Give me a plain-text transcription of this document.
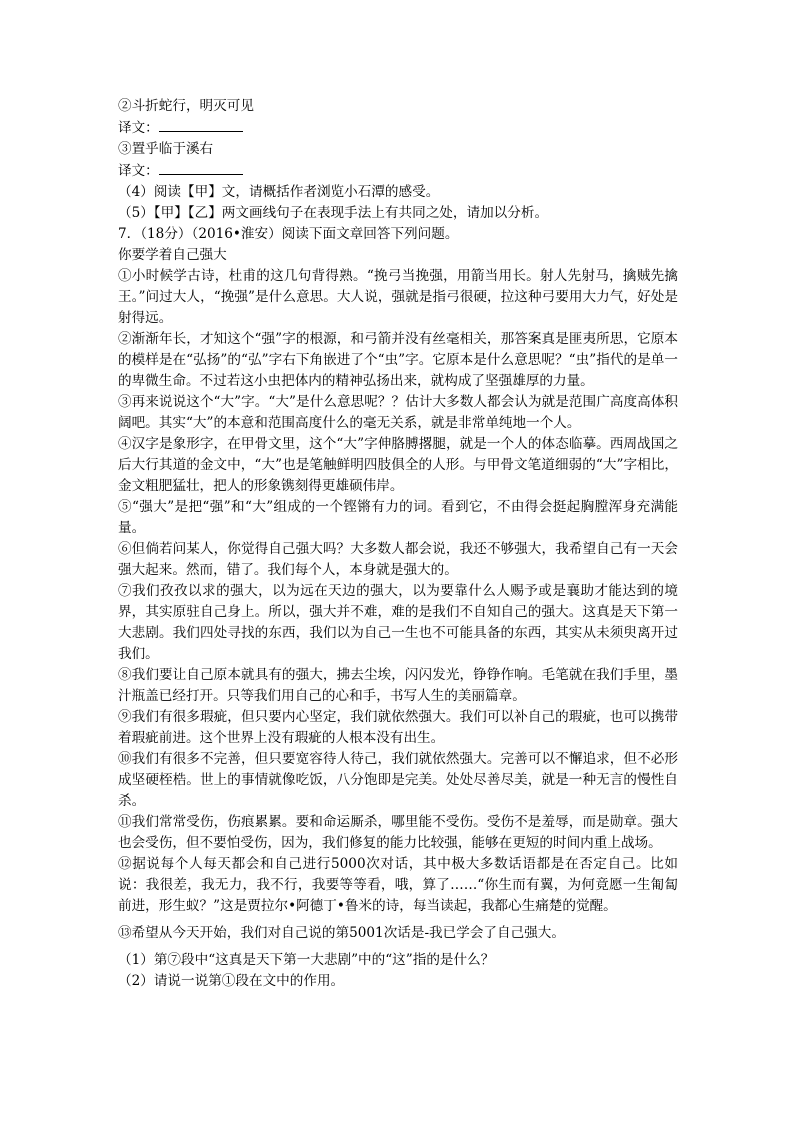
②斗折蛇行，明灭可见

译文：

③置乎临于溪右

译文：

（4）阅读【甲】文，请概括作者浏览小石潭的感受。

（5）【甲】【乙】两文画线句子在表现手法上有共同之处，请加以分析。

7．（18分）（2016•淮安）阅读下面文章回答下列问题。

你要学着自己强大

①小时候学古诗，杜甫的这几句背得熟。“挽弓当挽强，用箭当用长。射人先射马，擒贼先擒王。”问过大人，“挽强”是什么意思。大人说，强就是指弓很硬，拉这种弓要用大力气，好处是射得远。

②渐渐年长，才知这个“强”字的根源，和弓箭并没有丝毫相关，那答案真是匪夷所思，它原本的模样是在“弘扬”的“弘”字右下角嵌进了个“虫”字。它原本是什么意思呢？“虫”指代的是单一的卑微生命。不过若这小虫把体内的精神弘扬出来，就构成了坚强雄厚的力量。

③再来说说这个“大”字。“大”是什么意思呢？？估计大多数人都会认为就是范围广高度高体积阔吧。其实“大”的本意和范围高度什么的毫无关系，就是非常单纯地一个人。

④汉字是象形字，在甲骨文里，这个“大”字伸胳膊撂腿，就是一个人的体态临摹。西周战国之后大行其道的金文中，“大”也是笔触鲜明四肢俱全的人形。与甲骨文笔道细弱的“大”字相比，金文粗肥猛壮，把人的形象镌刻得更雄硕伟岸。

⑤“强大”是把“强”和“大”组成的一个铿锵有力的词。看到它，不由得会挺起胸膛浑身充满能量。

⑥但倘若问某人，你觉得自己强大吗？大多数人都会说，我还不够强大，我希望自己有一天会强大起来。然而，错了。我们每个人，本身就是强大的。

⑦我们孜孜以求的强大，以为远在天边的强大，以为要靠什么人赐予或是襄助才能达到的境界，其实原驻自己身上。所以，强大并不难，难的是我们不自知自己的强大。这真是天下第一大悲剧。我们四处寻找的东西，我们以为自己一生也不可能具备的东西，其实从未须臾离开过我们。

⑧我们要让自己原本就具有的强大，拂去尘埃，闪闪发光，铮铮作响。毛笔就在我们手里，墨汁瓶盖已经打开。只等我们用自己的心和手，书写人生的美丽篇章。

⑨我们有很多瑕疵，但只要内心坚定，我们就依然强大。我们可以补自己的瑕疵，也可以携带着瑕疵前进。这个世界上没有瑕疵的人根本没有出生。

⑩我们有很多不完善，但只要宽容待人待己，我们就依然强大。完善可以不懈追求，但不必形成坚硬桎梏。世上的事情就像吃饭，八分饱即是完美。处处尽善尽美，就是一种无言的慢性自杀。

⑪我们常常受伤，伤痕累累。要和命运厮杀，哪里能不受伤。受伤不是羞辱，而是勋章。强大也会受伤，但不要怕受伤，因为，我们修复的能力比较强，能够在更短的时间内重上战场。

⑫据说每个人每天都会和自己进行5000次对话，其中极大多数话语都是在否定自己。比如说：我很差，我无力，我不行，我要等等看，哦，算了……“你生而有翼，为何竟愿一生匍匐前进，形生蚁？”这是贾拉尔•阿德丁•鲁米的诗，每当读起，我都心生痛楚的觉醒。

⑬希望从今天开始，我们对自己说的第5001次话是-我已学会了自己强大。

（1）第⑦段中“这真是天下第一大悲剧”中的“这”指的是什么？

（2）请说一说第①段在文中的作用。
